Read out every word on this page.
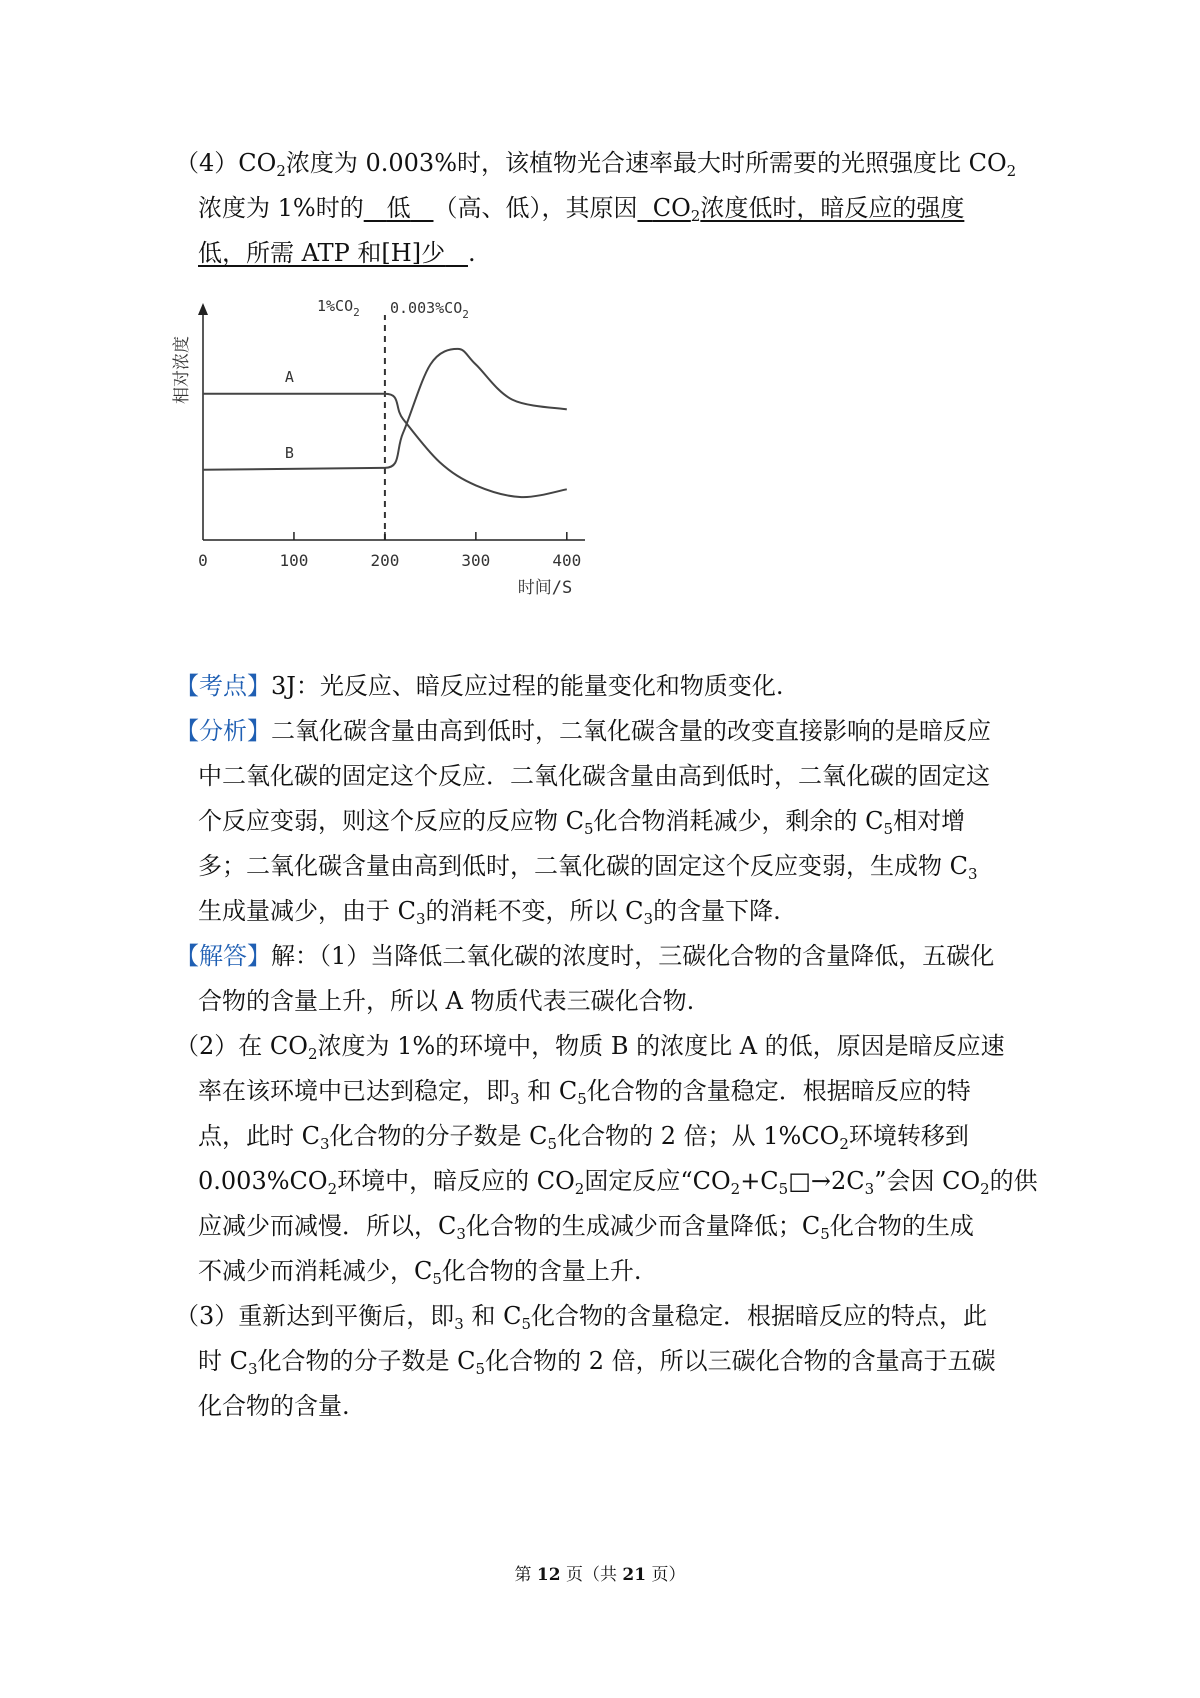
$(4)CO_2$浓度为 0.003%时，该植物光合速率最大时所需要的光照强度比 $CO_2$
浓度为 1%时的 低 （高、低），其原因 $CO_2$浓度低时，暗反应的强度
低，所需 ATP 和[H]少 .
A
B
0	100	200	300	400
$1\%CO_2$ $0.003\%CO_2$
相对浓度
时间/S
【考点】3J：光反应、暗反应过程的能量变化和物质变化.
【分析】二氧化碳含量由高到低时，二氧化碳含量的改变直接影响的是暗反应
中二氧化碳的固定这个反应．二氧化碳含量由高到低时，二氧化碳的固定这
个反应变弱，则这个反应的反应物 $C_5$化合物消耗减少，剩余的 $C_5$相对增
多；二氧化碳含量由高到低时，二氧化碳的固定这个反应变弱，生成物 $C_3$
生成量减少，由于 $C_3$的消耗不变，所以 $C_3$的含量下降.
【解答】解：（1）当降低二氧化碳的浓度时，三碳化合物的含量降低，五碳化
合物的含量上升，所以 A 物质代表三碳化合物.
（2）在 $CO_2$浓度为 1%的环境中，物质 B 的浓度比 A 的低，原因是暗反应速
率在该环境中已达到稳定，即$_3$ 和 $C_5$化合物的含量稳定．根据暗反应的特
点，此时 $C_3$化合物的分子数是 $C_5$化合物的 2 倍；从 $1\%CO_2$环境转移到
$0.003\%CO_2$环境中，暗反应的 $CO_2$固定反应“$CO_2+C_5□\to 2C_3$”会因 $CO_2$的供
应减少而减慢．所以，$C_3$化合物的生成减少而含量降低；$C_5$化合物的生成
不减少而消耗减少，$C_5$化合物的含量上升.
（3）重新达到平衡后，即$_3$ 和 $C_5$化合物的含量稳定．根据暗反应的特点，此
时 $C_3$化合物的分子数是 $C_5$化合物的 2 倍，所以三碳化合物的含量高于五碳
化合物的含量.
第 12 页（共 21 页）
